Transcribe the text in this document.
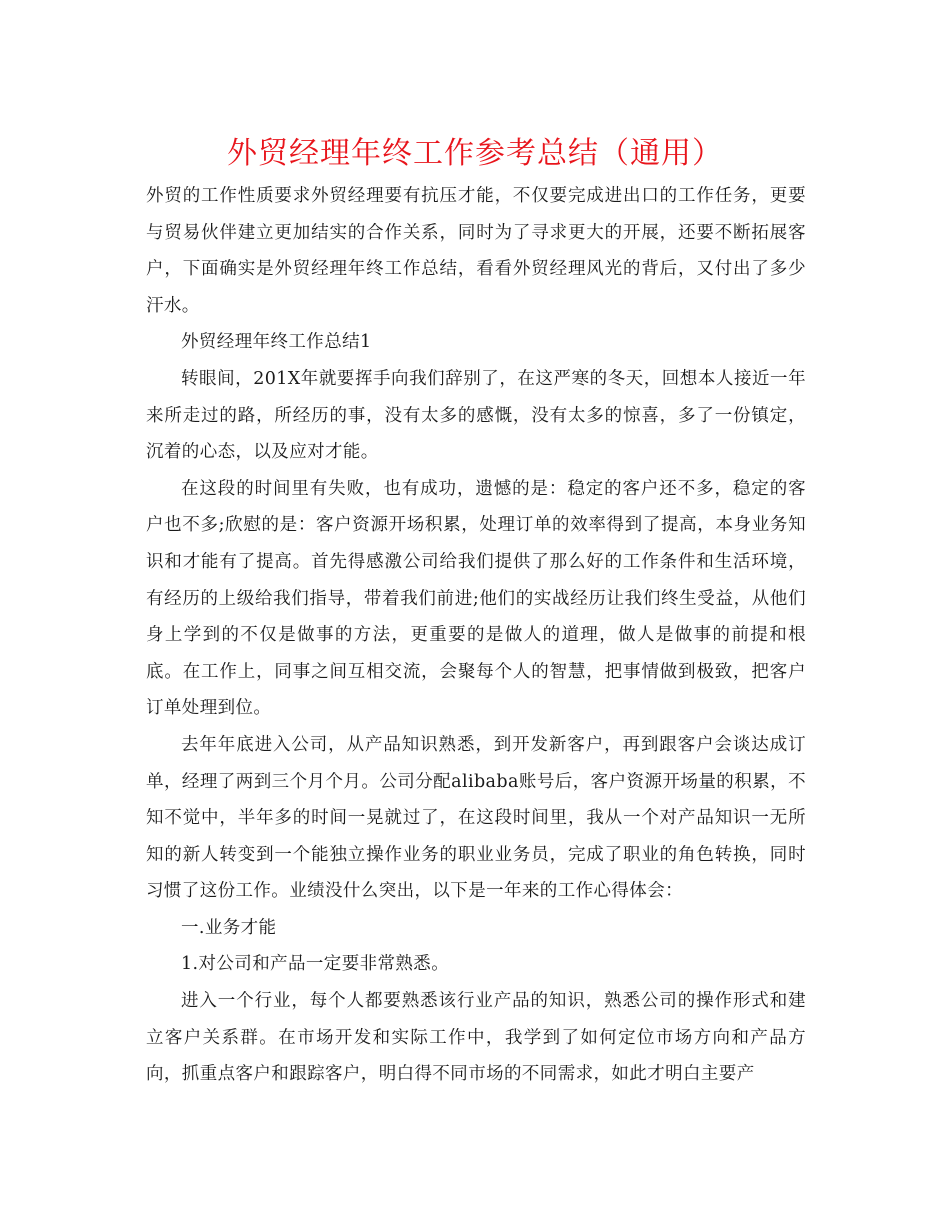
外贸经理年终工作参考总结（通用）

外贸的工作性质要求外贸经理要有抗压才能，不仅要完成进出口的工作任务，更要与贸易伙伴建立更加结实的合作关系，同时为了寻求更大的开展，还要不断拓展客户，下面确实是外贸经理年终工作总结，看看外贸经理风光的背后，又付出了多少汗水。

外贸经理年终工作总结1

转眼间，201X年就要挥手向我们辞别了，在这严寒的冬天，回想本人接近一年来所走过的路，所经历的事，没有太多的感慨，没有太多的惊喜，多了一份镇定，沉着的心态，以及应对才能。

在这段的时间里有失败，也有成功，遗憾的是：稳定的客户还不多，稳定的客户也不多;欣慰的是：客户资源开场积累，处理订单的效率得到了提高，本身业务知识和才能有了提高。首先得感激公司给我们提供了那么好的工作条件和生活环境，有经历的上级给我们指导，带着我们前进;他们的实战经历让我们终生受益，从他们身上学到的不仅是做事的方法，更重要的是做人的道理，做人是做事的前提和根底。在工作上，同事之间互相交流，会聚每个人的智慧，把事情做到极致，把客户订单处理到位。

去年年底进入公司，从产品知识熟悉，到开发新客户，再到跟客户会谈达成订单，经理了两到三个月个月。公司分配alibaba账号后，客户资源开场量的积累，不知不觉中，半年多的时间一晃就过了，在这段时间里，我从一个对产品知识一无所知的新人转变到一个能独立操作业务的职业业务员，完成了职业的角色转换，同时习惯了这份工作。业绩没什么突出，以下是一年来的工作心得体会：

一.业务才能

1.对公司和产品一定要非常熟悉。

进入一个行业，每个人都要熟悉该行业产品的知识，熟悉公司的操作形式和建立客户关系群。在市场开发和实际工作中，我学到了如何定位市场方向和产品方向，抓重点客户和跟踪客户，明白得不同市场的不同需求，如此才明白主要产
